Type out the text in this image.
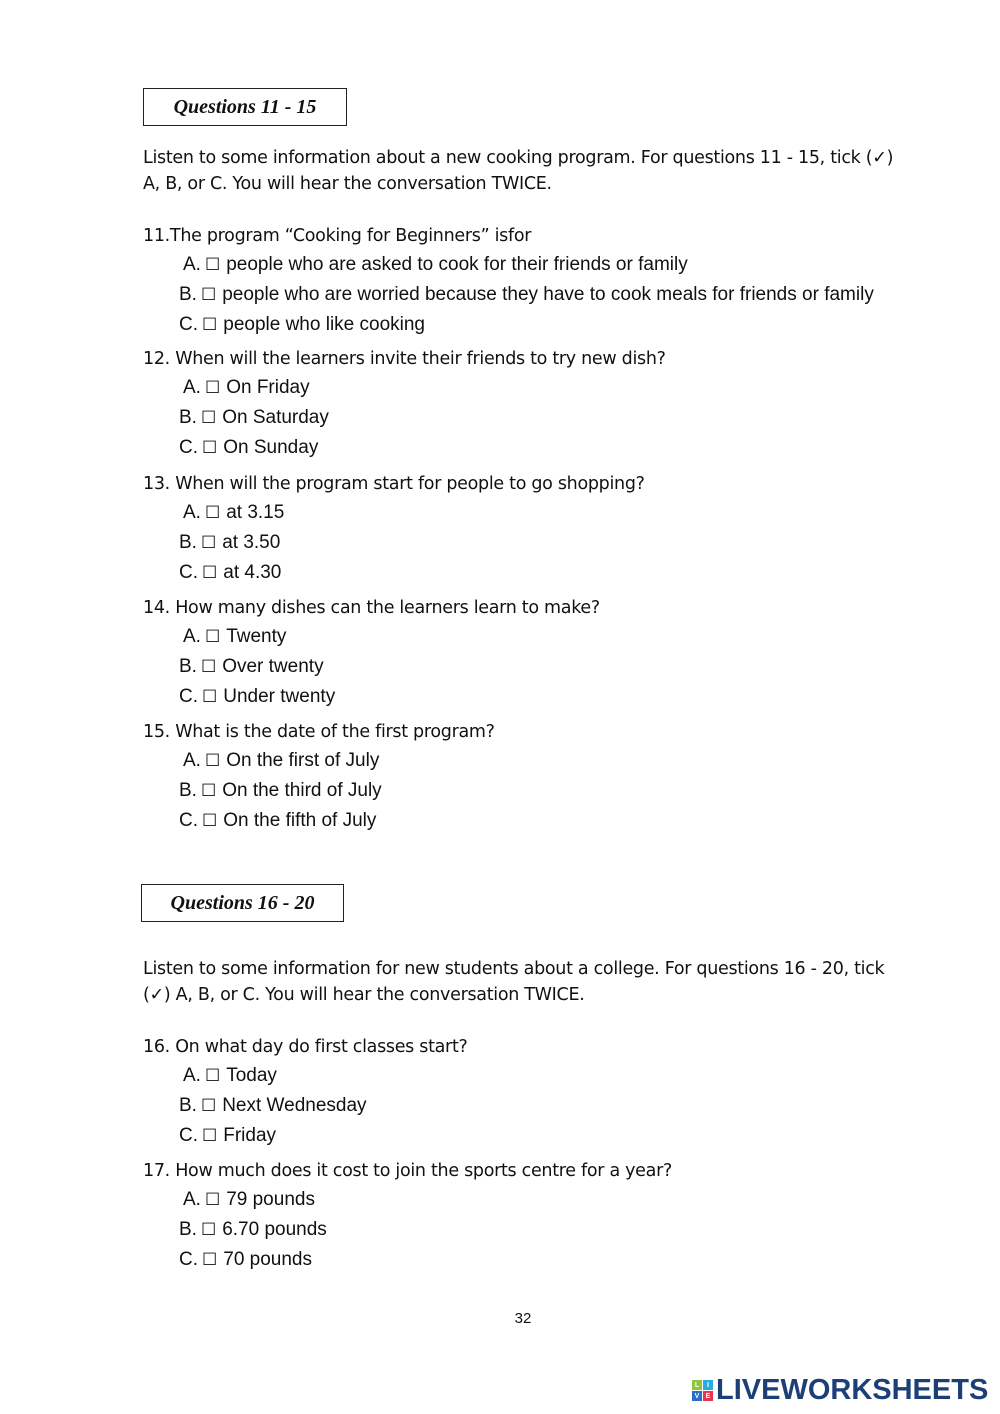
Questions 11 - 15
Listen to some information about a new cooking program. For questions 11 - 15, tick (✓) A, B, or C. You will hear the conversation TWICE.
11.The program “Cooking for Beginners” isfor
A. ☐ people who are asked to cook for their friends or family
B. ☐ people who are worried because they have to cook meals for friends or family
C. ☐ people who like cooking
12. When will the learners invite their friends to try new dish?
A. ☐ On Friday
B. ☐ On Saturday
C. ☐ On Sunday
13. When will the program start for people to go shopping?
A. ☐ at 3.15
B. ☐ at 3.50
C. ☐ at 4.30
14. How many dishes can the learners learn to make?
A. ☐ Twenty
B. ☐ Over twenty
C. ☐ Under twenty
15. What is the date of the first program?
A. ☐ On the first of July
B. ☐ On the third of July
C. ☐ On the fifth of July
Questions 16 - 20
Listen to some information for new students about a college. For questions 16 - 20, tick (✓) A, B, or C. You will hear the conversation TWICE.
16. On what day do first classes start?
A. ☐ Today
B. ☐ Next Wednesday
C. ☐ Friday
17. How much does it cost to join the sports centre for a year?
A. ☐ 79 pounds
B. ☐ 6.70 pounds
C. ☐ 70 pounds
32
L	I
V E LIVEWORKSHEETS
